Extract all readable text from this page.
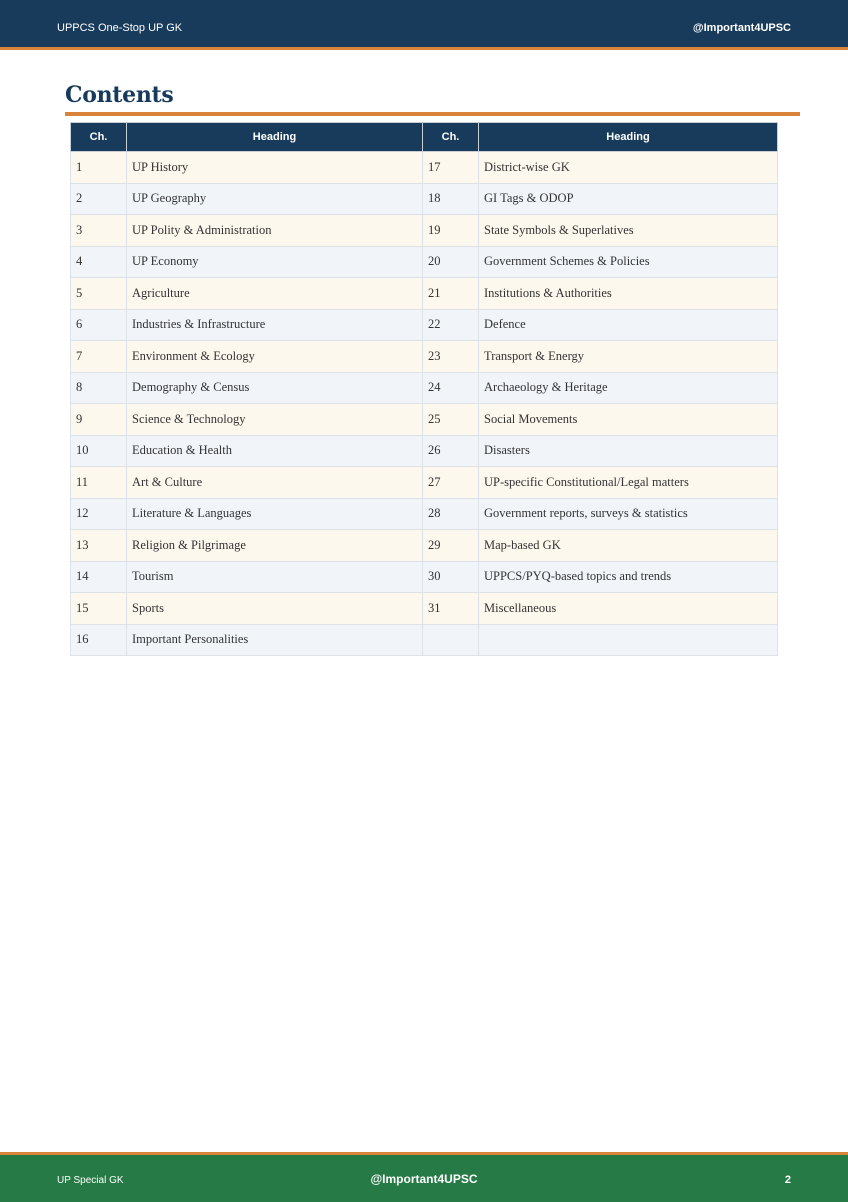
UPPCS One-Stop UP GK	@Important4UPSC
Contents
Ch.	Heading	Ch.	Heading
1	UP History	17	District-wise GK
2	UP Geography	18	GI Tags & ODOP
3	UP Polity & Administration	19	State Symbols & Superlatives
4	UP Economy	20	Government Schemes & Policies
5	Agriculture	21	Institutions & Authorities
6	Industries & Infrastructure	22	Defence
7	Environment & Ecology	23	Transport & Energy
8	Demography & Census	24	Archaeology & Heritage
9	Science & Technology	25	Social Movements
10	Education & Health	26	Disasters
11	Art & Culture	27	UP-specific Constitutional/Legal matters
12	Literature & Languages	28	Government reports, surveys & statistics
13	Religion & Pilgrimage	29	Map-based GK
14	Tourism	30	UPPCS/PYQ-based topics and trends
15	Sports	31	Miscellaneous
16	Important Personalities		
UP Special GK	@Important4UPSC	2
